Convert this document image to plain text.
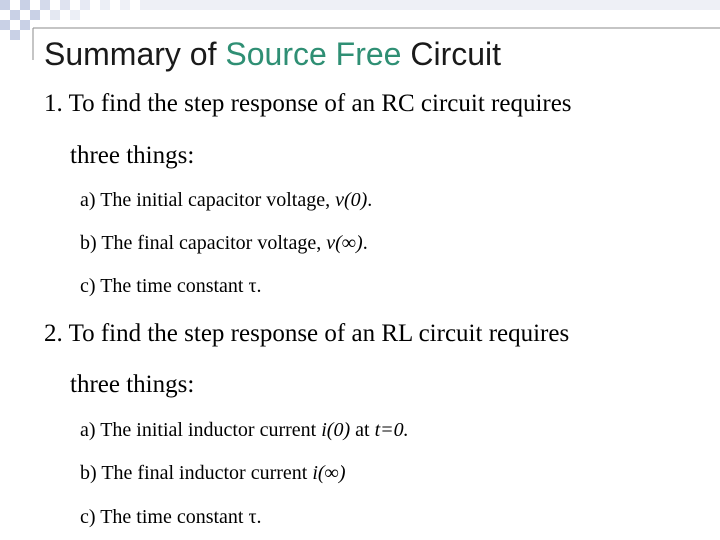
Summary of Source Free Circuit
1. To find the step response of an RC circuit requires
three things:
a) The initial capacitor voltage, v(0).
b) The final capacitor voltage, v(∞).
c) The time constant τ.
2. To find the step response of an RL circuit requires
three things:
a) The initial inductor current i(0) at t=0.
b) The final inductor current i(∞)
c) The time constant τ.
